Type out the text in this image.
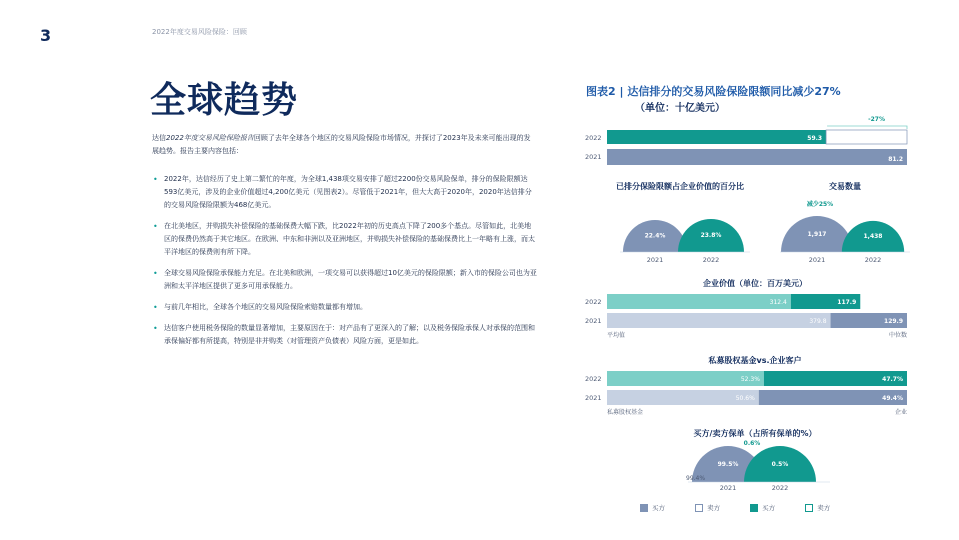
3	2022年度交易风险保险：回顾
全球趋势
达信2022年度交易风险保险报告回顾了去年全球各个地区的交易风险保险市场情况，并探讨了2023年及未来可能出现的发展趋势。报告主要内容包括：
• 2022年，达信经历了史上第二繁忙的年度，为全球1,438项交易安排了超过2200份交易风险保单，排分的保险限额达593亿美元，涉及的企业价值超过4,200亿美元（见图表2）。尽管低于2021年，但大大高于2020年，2020年达信排分的交易风险保险限额为468亿美元。
• 在北美地区，并购损失补偿保险的基础保费大幅下跌，比2022年初的历史高点下降了200多个基点。尽管如此，北美地区的保费仍然高于其它地区。在欧洲、中东和非洲以及亚洲地区，并购损失补偿保险的基础保费比上一年略有上涨，而太平洋地区的保费则有所下降。
• 全球交易风险保险承保能力充足。在北美和欧洲，一项交易可以获得超过10亿美元的保险限额；新入市的保险公司也为亚洲和太平洋地区提供了更多可用承保能力。
• 与前几年相比，全球各个地区的交易风险保险索赔数量都有增加。
• 达信客户使用税务保险的数量显著增加，主要原因在于：对产品有了更深入的了解；以及税务保险承保人对承保的范围和承保偏好都有所提高，特别是非并购类（对管理资产负债表）风险方面，更是如此。
图表2 | 达信排分的交易风险保险限额同比减少27%
（单位：十亿美元）
2022	59.3
2021	81.2
-27%
已排分保险限额占企业价值的百分比
22.4%
2021
23.8%
2022
交易数量
1,917
2021
1,438
2022
减少25%
企业价值（单位：百万美元）
2022	312.4	117.9
2021	379.8	129.9
平均值	中位数
私募股权基金vs.企业客户
2022	52.3%	47.7%
2021	50.6%	49.4%
私募股权基金	企业
买方/卖方保单（占所有保单的%）
99.5%
2021
0.5%
2022
99.4%
0.6%
买方
	卖方
	买方
	卖方
